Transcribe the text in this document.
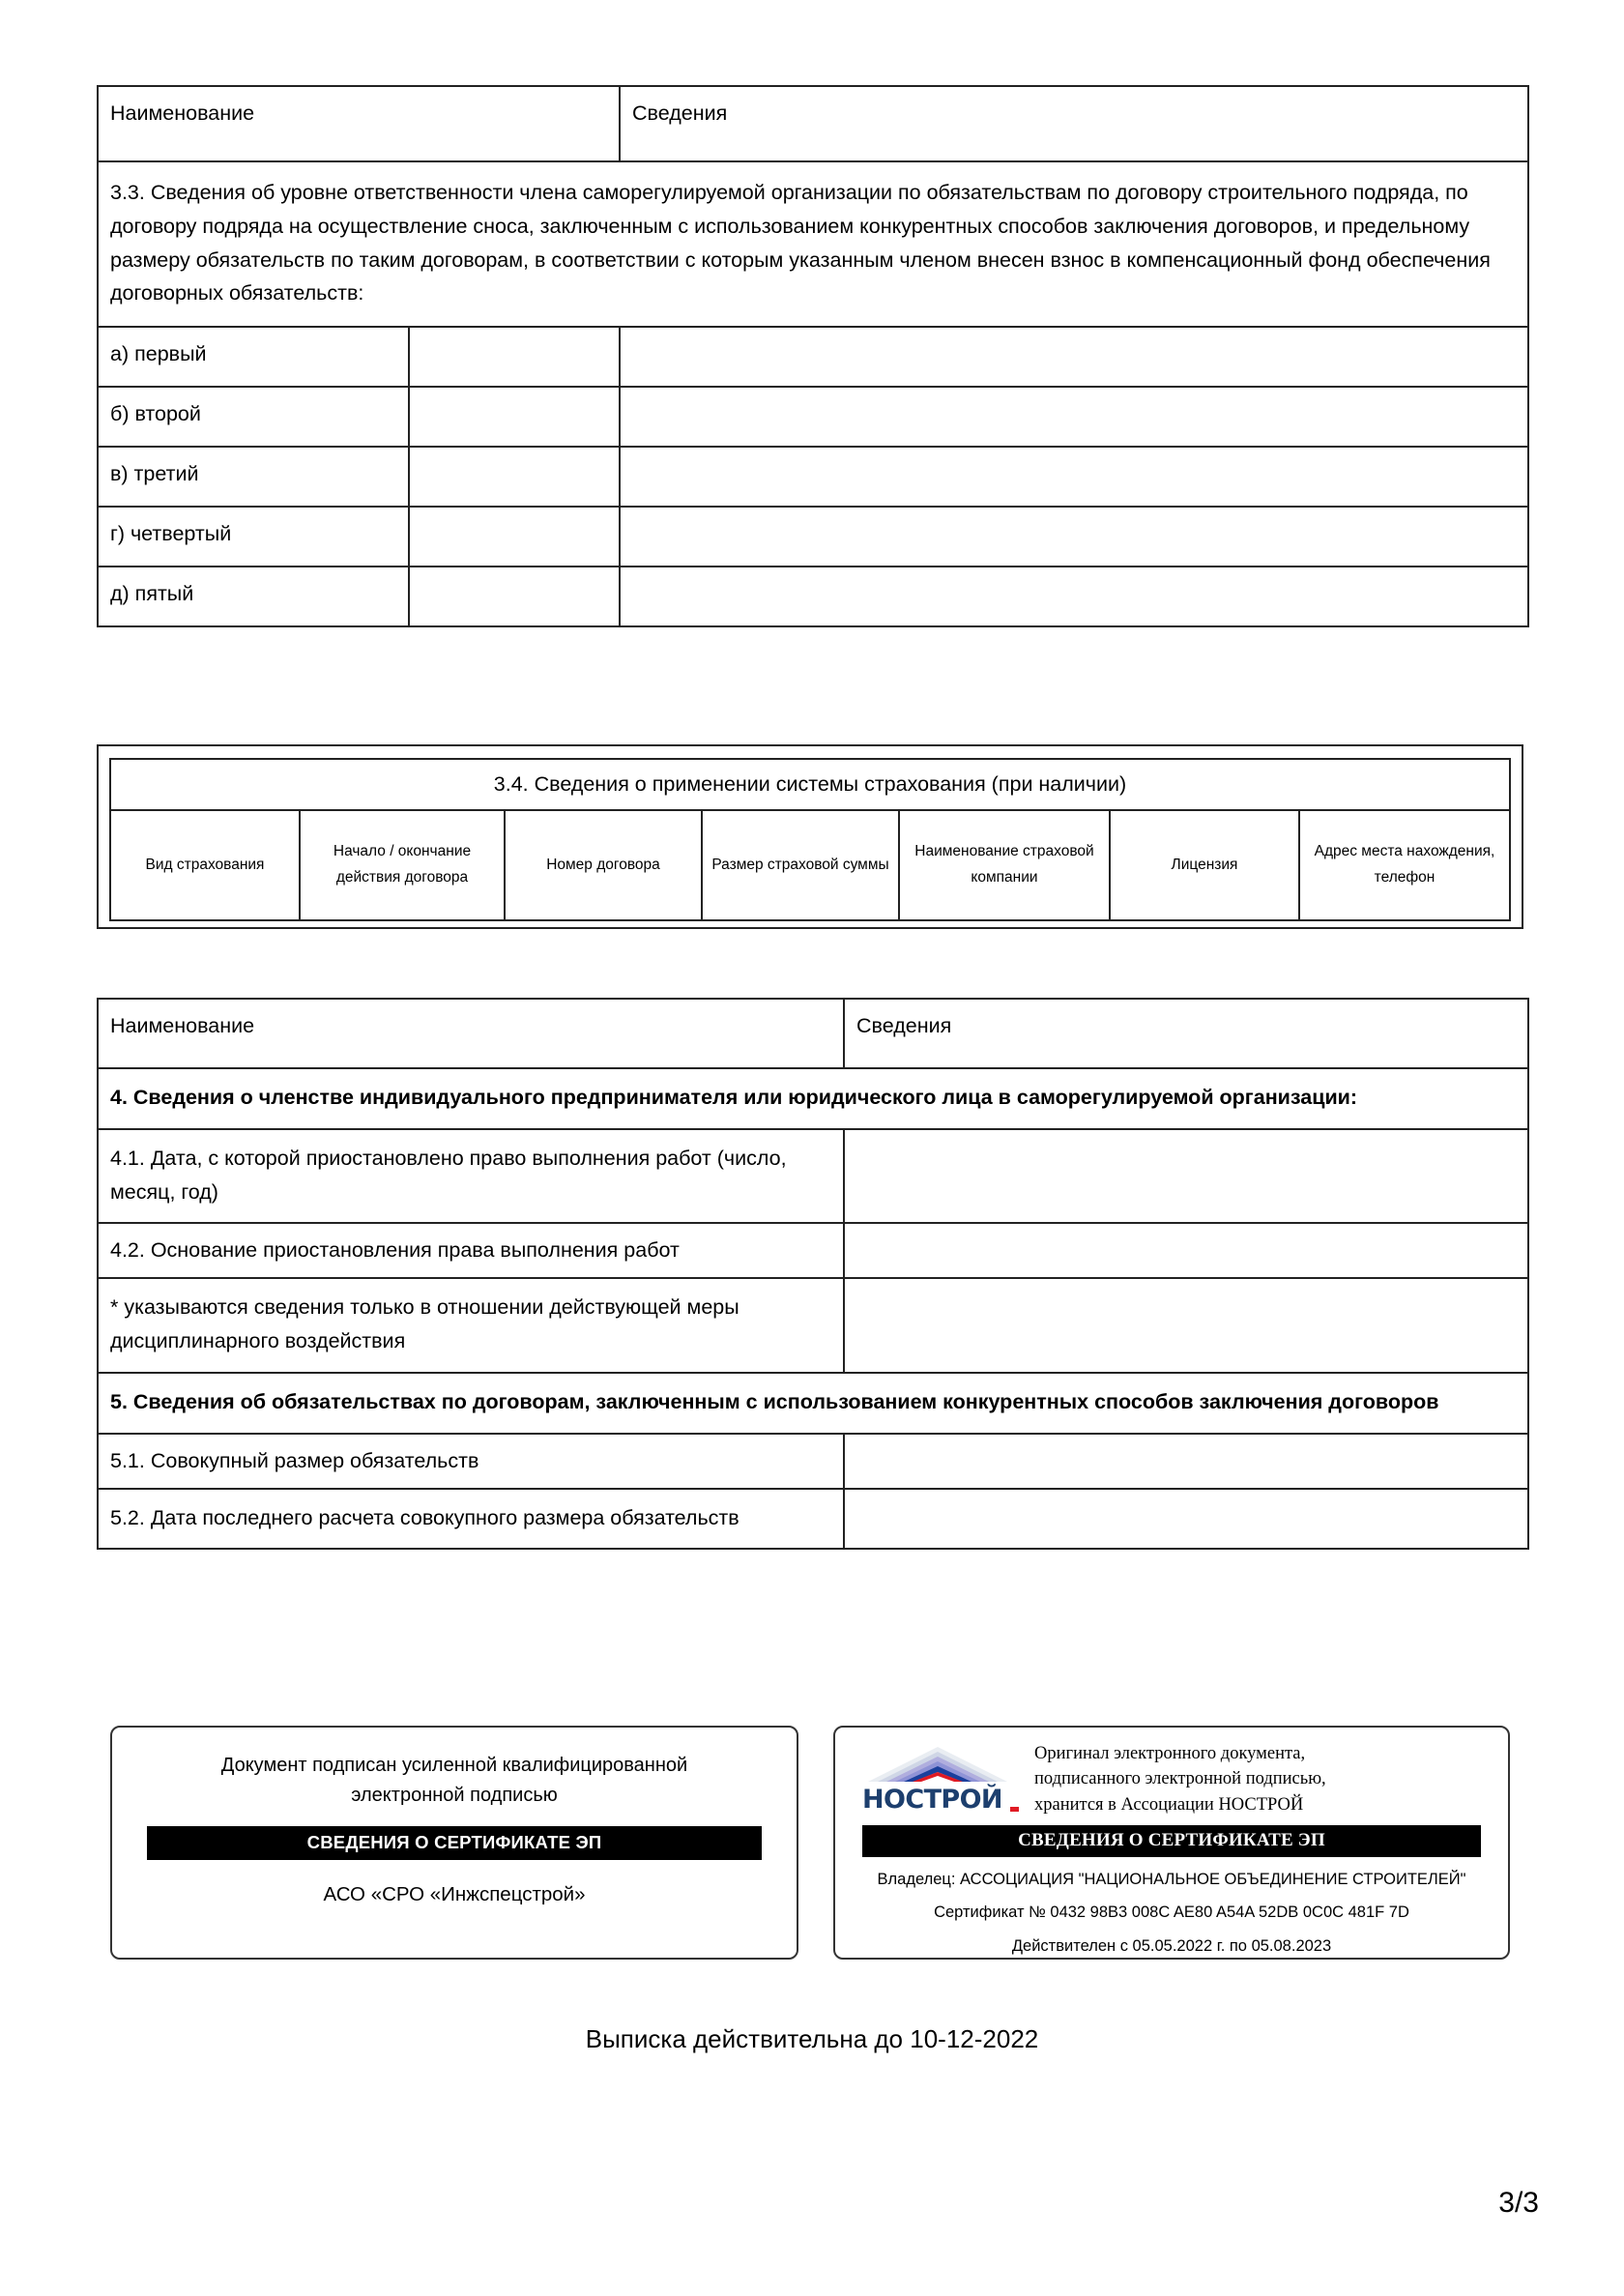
Наименование		Сведения
3.3. Сведения об уровне ответственности члена саморегулируемой организации по обязательствам по договору строительного подряда, по договору подряда на осуществление сноса, заключенным с использованием конкурентных способов заключения договоров, и предельному размеру обязательств по таким договорам, в соответствии с которым указанным членом внесен взнос в компенсационный фонд обеспечения договорных обязательств:		
а) первый		
б) второй		
в) третий		
г) четвертый		
д) пятый		
3.4. Сведения о применении системы страхования (при наличии)
Вид страхования	Начало / окончание действия договора	Номер договора	Размер страховой суммы	Наименование страховой компании	Лицензия	Адрес места нахождения, телефон
Наименование	Сведения
4. Сведения о членстве индивидуального предпринимателя или юридического лица в саморегулируемой организации:	
4.1. Дата, с которой приостановлено право выполнения работ (число, месяц, год)	
4.2. Основание приостановления права выполнения работ	
* указываются сведения только в отношении действующей меры дисциплинарного воздействия	
5. Сведения об обязательствах по договорам, заключенным с использованием конкурентных способов заключения договоров	
5.1. Совокупный размер обязательств	
5.2. Дата последнего расчета совокупного размера обязательств	
Документ подписан усиленной квалифицированной
электронной подписью
СВЕДЕНИЯ О СЕРТИФИКАТЕ ЭП
АСО «СРО «Инжспецстрой»
НОСТРОЙ
Оригинал электронного документа,
подписанного электронной подписью,
хранится в Ассоциации НОСТРОЙ
СВЕДЕНИЯ О СЕРТИФИКАТЕ ЭП
Владелец: АССОЦИАЦИЯ "НАЦИОНАЛЬНОЕ ОБЪЕДИНЕНИЕ СТРОИТЕЛЕЙ"
Сертификат № 0432 98B3 008C AE80 A54A 52DB 0C0C 481F 7D
Действителен с 05.05.2022 г. по 05.08.2023
Выписка действительна до 10-12-2022
3/3
